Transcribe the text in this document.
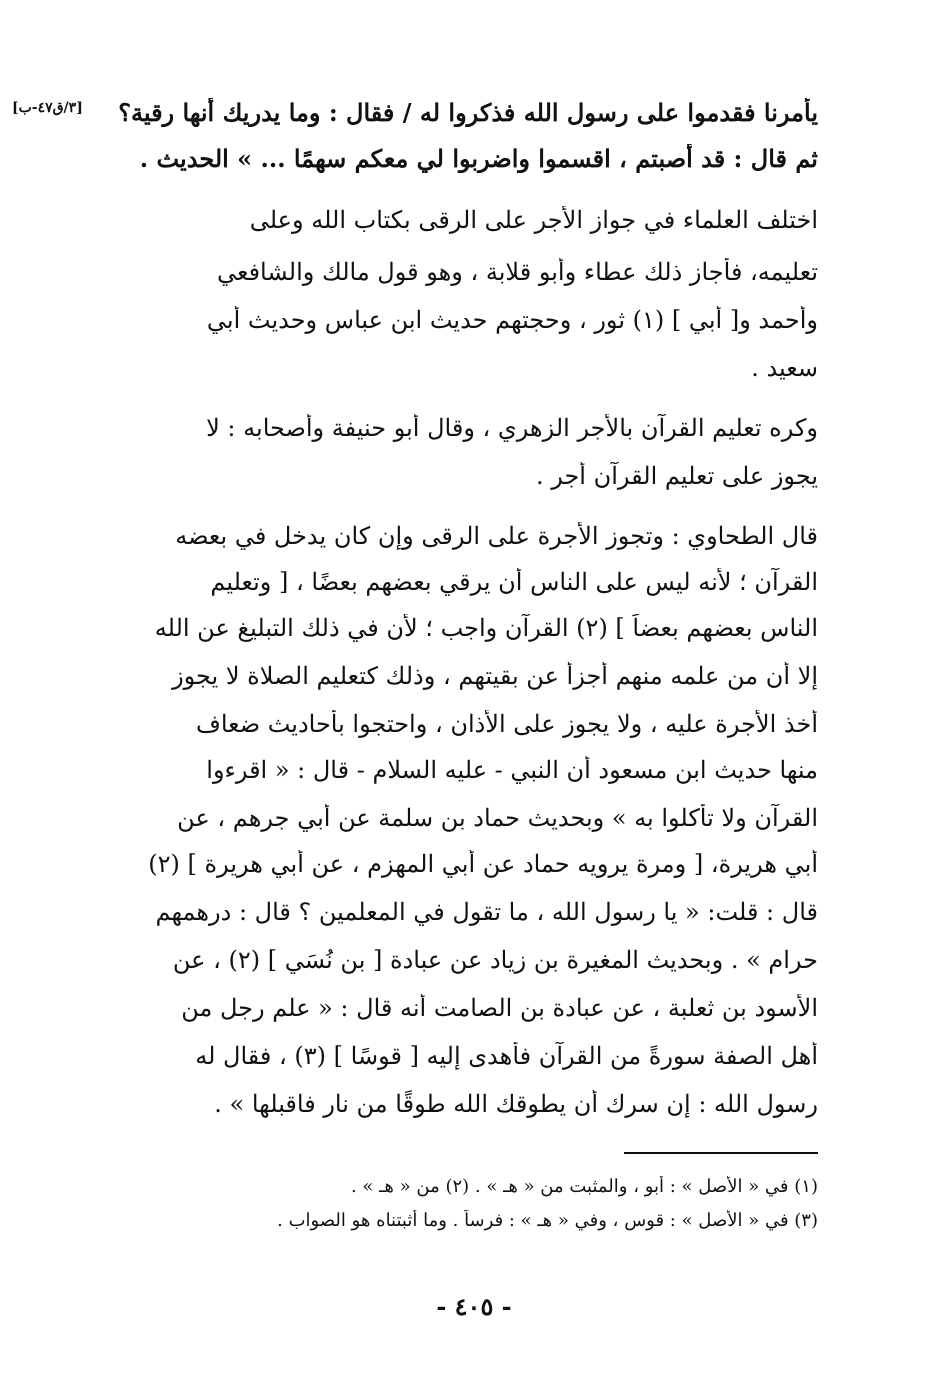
[٣/ق٤٧-ب]	يأمرنا فقدموا على رسول الله فذكروا له / فقال : وما يدريك أنها رقية؟
ثم قال : قد أصبتم ، اقسموا واضربوا لي معكم سهمًا ... » الحديث .
اختلف العلماء في جواز الأجر على الرقى بكتاب الله وعلى
تعليمه، فأجاز ذلك عطاء وأبو قلابة ، وهو قول مالك والشافعي
وأحمد و[ أبي ] (١) ثور ، وحجتهم حديث ابن عباس وحديث أبي
سعيد .
وكره تعليم القرآن بالأجر الزهري ، وقال أبو حنيفة وأصحابه : لا
يجوز على تعليم القرآن أجر .
قال الطحاوي : وتجوز الأجرة على الرقى وإن كان يدخل في بعضه
القرآن ؛ لأنه ليس على الناس أن يرقي بعضهم بعضًا ، [ وتعليم
الناس بعضهم بعضاً ] (٢) القرآن واجب ؛ لأن في ذلك التبليغ عن الله
إلا أن من علمه منهم أجزأ عن بقيتهم ، وذلك كتعليم الصلاة لا يجوز
أخذ الأجرة عليه ، ولا يجوز على الأذان ، واحتجوا بأحاديث ضعاف
منها حديث ابن مسعود أن النبي - عليه السلام - قال : « اقرءوا
القرآن ولا تأكلوا به » وبحديث حماد بن سلمة عن أبي جرهم ، عن
أبي هريرة، [ ومرة يرويه حماد عن أبي المهزم ، عن أبي هريرة ] (٢)
قال : قلت: « يا رسول الله ، ما تقول في المعلمين ؟ قال : درهمهم
حرام » . وبحديث المغيرة بن زياد عن عبادة [ بن نُسَي ] (٢) ، عن
الأسود بن ثعلبة ، عن عبادة بن الصامت أنه قال : « علم رجل من
أهل الصفة سورةً من القرآن فأهدى إليه [ قوسًا ] (٣) ، فقال له
رسول الله : إن سرك أن يطوقك الله طوقًا من نار فاقبلها » .
(١) في « الأصل » : أبو ، والمثبت من « هـ » . (٢) من « هـ » .
(٣) في « الأصل » : قوس ، وفي « هـ » : فرساً . وما أثبتناه هو الصواب .
- ٤٠٥ -
